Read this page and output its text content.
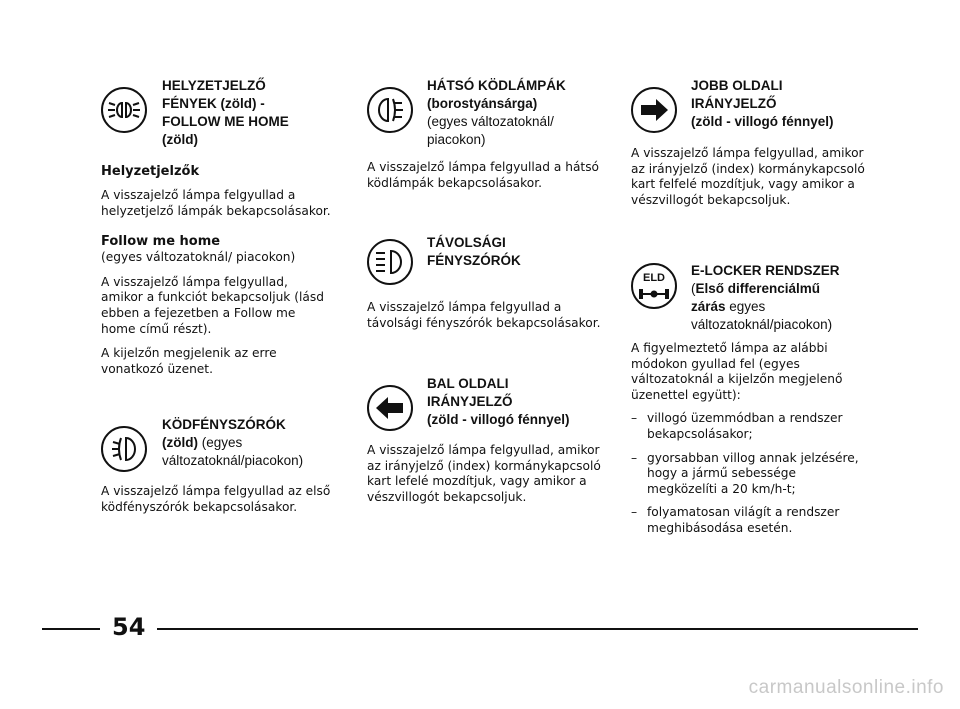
HELYZETJELZŐ
FÉNYEK (zöld) -
FOLLOW ME HOME
(zöld)

Helyzetjelzők

A visszajelző lámpa felgyullad a helyzetjelző lámpák bekapcsolásakor.

Follow me home

(egyes változatoknál/ piacokon)

A visszajelző lámpa felgyullad, amikor a funkciót bekapcsoljuk (lásd ebben a fejezetben a Follow me home című részt).

A kijelzőn megjelenik az erre vonatkozó üzenet.

KÖDFÉNYSZÓRÓK
(zöld) (egyes
változatoknál/piacokon)

A visszajelző lámpa felgyullad az első ködfényszórók bekapcsolásakor.

HÁTSÓ KÖDLÁMPÁK
(borostyánsárga)
(egyes változatoknál/
piacokon)

A visszajelző lámpa felgyullad a hátsó ködlámpák bekapcsolásakor.

TÁVOLSÁGI
FÉNYSZÓRÓK

A visszajelző lámpa felgyullad a távolsági fényszórók bekapcsolásakor.

BAL OLDALI
IRÁNYJELZŐ
(zöld - villogó fénnyel)

A visszajelző lámpa felgyullad, amikor az irányjelző (index) kormánykapcsoló kart lefelé mozdítjuk, vagy amikor a vészvillogót bekapcsoljuk.

JOBB OLDALI
IRÁNYJELZŐ
(zöld - villogó fénnyel)

A visszajelző lámpa felgyullad, amikor az irányjelző (index) kormánykapcsoló kart felfelé mozdítjuk, vagy amikor a vészvillogót bekapcsoljuk.

ELD E-LOCKER RENDSZER
(Első differenciálmű
zárás egyes
változatoknál/piacokon)

A figyelmeztető lámpa az alábbi módokon gyullad fel (egyes változatoknál a kijelzőn megjelenő üzenettel együtt):

– villogó üzemmódban a rendszer bekapcsolásakor;
– gyorsabban villog annak jelzésére, hogy a jármű sebessége megközelíti a 20 km/h-t;
– folyamatosan világít a rendszer meghibásodása esetén.
54
carmanualsonline.info
